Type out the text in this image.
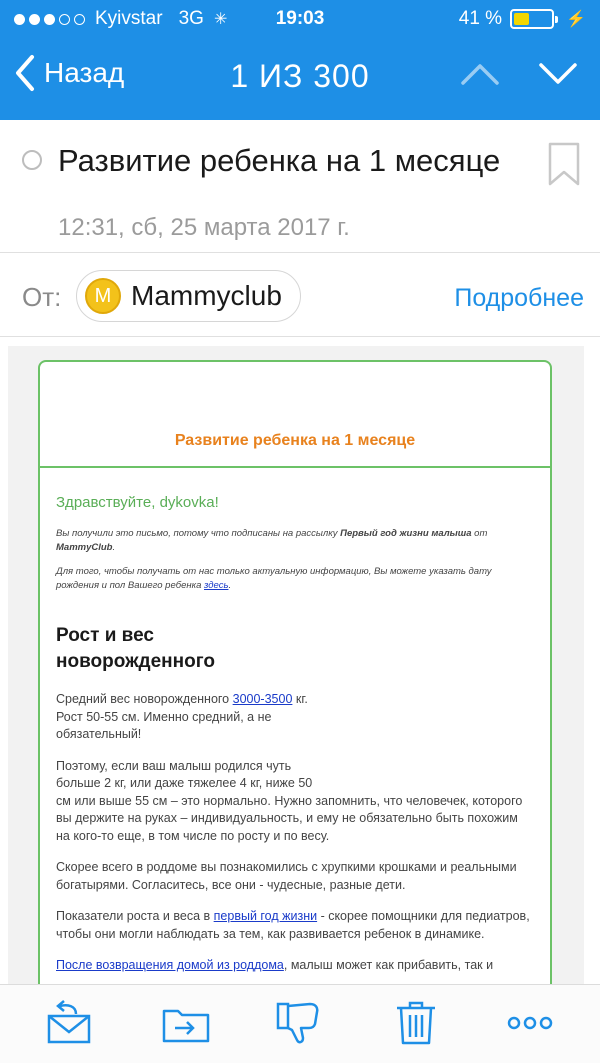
Kyivstar 3G ✳	19:03	41 %	⚡
Назад	1 ИЗ 300
Развитие ребенка на 1 месяце
12:31, сб, 25 марта 2017 г.
От:	M Mammyclub	Подробнее
Развитие ребенка на 1 месяце
Здравствуйте, dykovka!
Вы получили это письмо, потому что подписаны на рассылку Первый год жизни малыша от MammyClub.
Для того, чтобы получать от нас только актуальную информацию, Вы можете указать дату рождения и пол Вашего ребенка здесь.
Рост и вес новорожденного
Средний вес новорожденного 3000-3500 кг.
Рост 50-55 см. Именно средний, а не обязательный!
Поэтому, если ваш малыш родился чуть больше 2 кг, или даже тяжелее 4 кг, ниже 50
см или выше 55 см – это нормально. Нужно запомнить, что человечек, которого вы держите на руках – индивидуальность, и ему не обязательно быть похожим на кого-то еще, в том числе по росту и по весу.
Скорее всего в роддоме вы познакомились с хрупкими крошками и реальными богатырями. Согласитесь, все они - чудесные, разные дети.
Показатели роста и веса в первый год жизни - скорее помощники для педиатров, чтобы они могли наблюдать за тем, как развивается ребенок в динамике.
После возвращения домой из роддома, малыш может как прибавить, так и
